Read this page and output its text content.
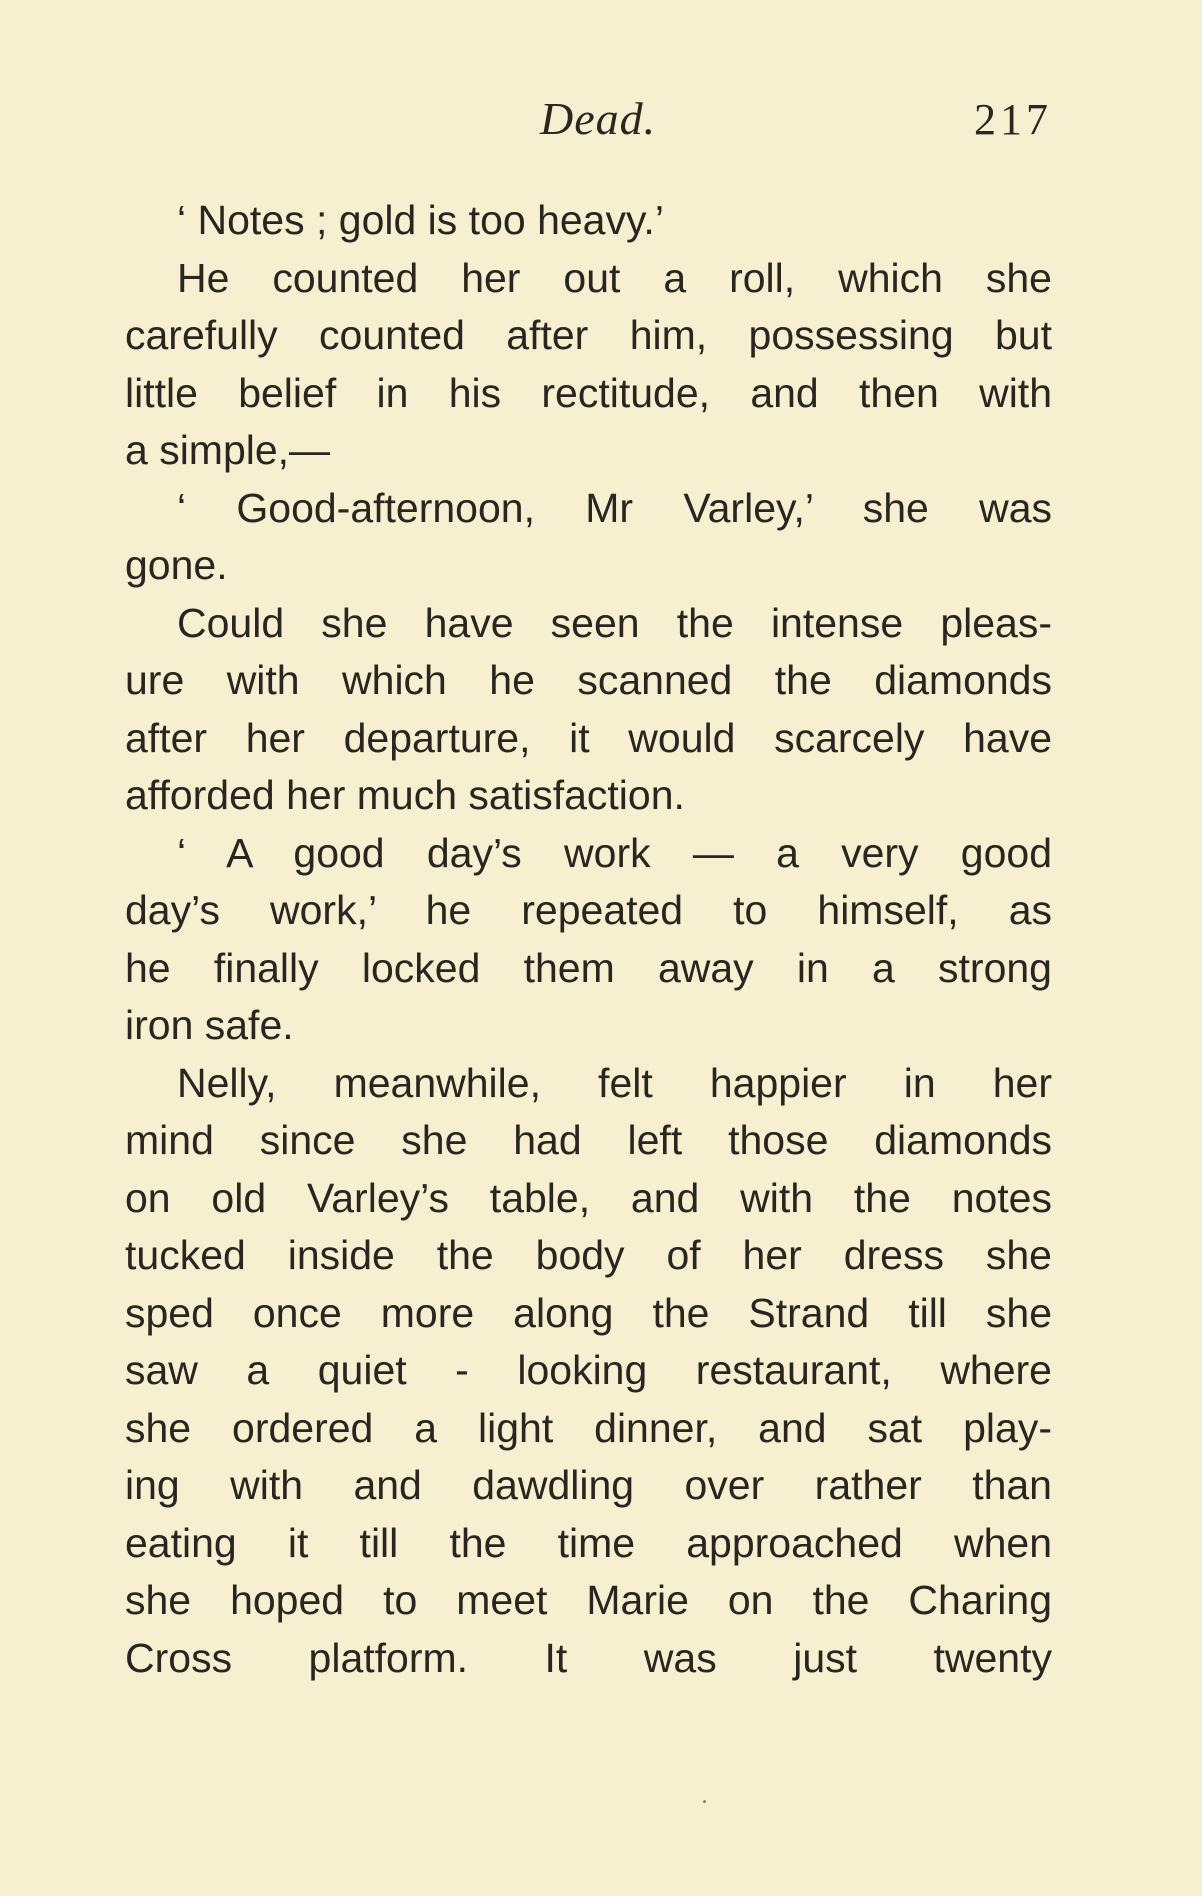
Dead.	217
‘ Notes ; gold is too heavy.’
He counted her out a roll, which she
carefully counted after him, possessing but
little belief in his rectitude, and then with
a simple,—
‘ Good-afternoon, Mr Varley,’ she was
gone.
Could she have seen the intense pleas-
ure with which he scanned the diamonds
after her departure, it would scarcely have
afforded her much satisfaction.
‘ A good day’s work — a very good
day’s work,’ he repeated to himself, as
he finally locked them away in a strong
iron safe.
Nelly, meanwhile, felt happier in her
mind since she had left those diamonds
on old Varley’s table, and with the notes
tucked inside the body of her dress she
sped once more along the Strand till she
saw a quiet - looking restaurant, where
she ordered a light dinner, and sat play-
ing with and dawdling over rather than
eating it till the time approached when
she hoped to meet Marie on the Charing
Cross platform. It was just twenty
